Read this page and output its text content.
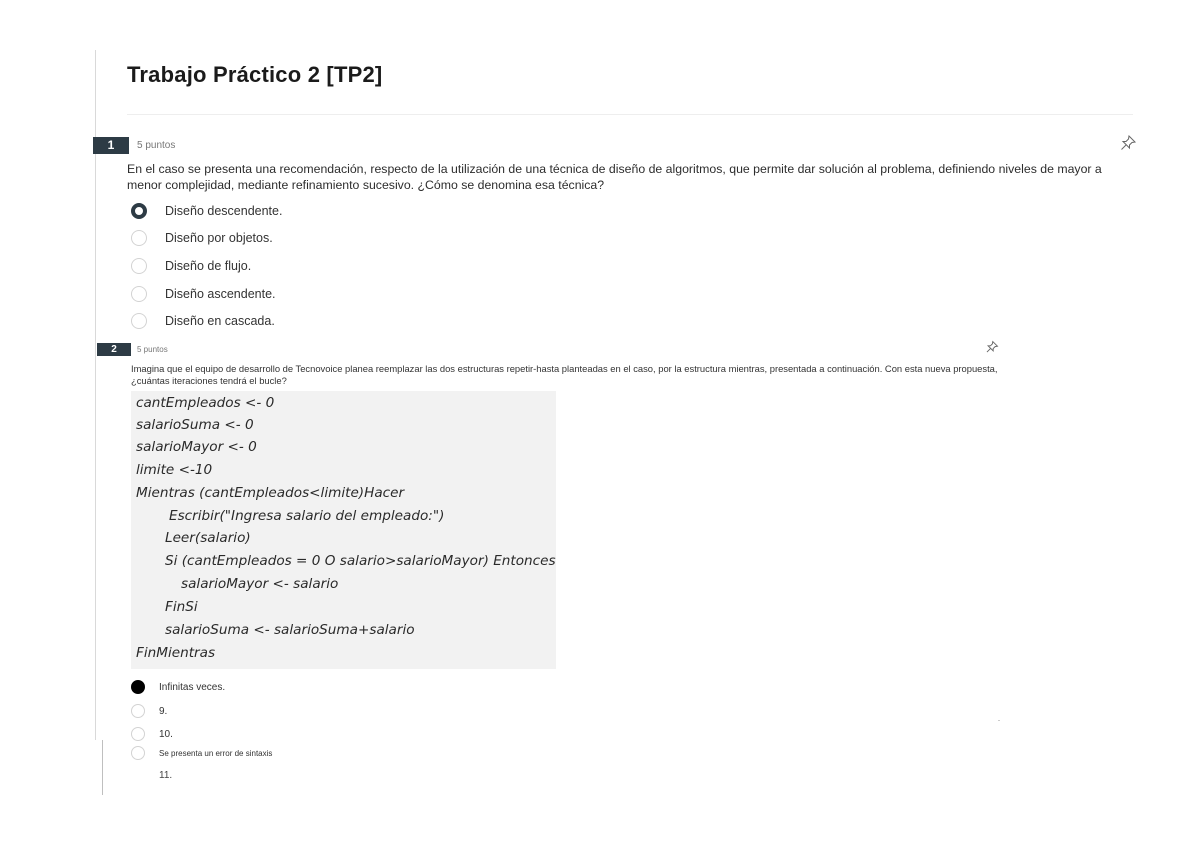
Trabajo Práctico 2 [TP2]
1	5 puntos
En el caso se presenta una recomendación, respecto de la utilización de una técnica de diseño de algoritmos, que permite dar solución al problema, definiendo niveles de mayor a menor complejidad, mediante refinamiento sucesivo. ¿Cómo se denomina esa técnica?
Diseño descendente.
Diseño por objetos.
Diseño de flujo.
Diseño ascendente.
Diseño en cascada.
2	5 puntos
Imagina que el equipo de desarrollo de Tecnovoice planea reemplazar las dos estructuras repetir-hasta planteadas en el caso, por la estructura mientras, presentada a continuación. Con esta nueva propuesta, ¿cuántas iteraciones tendrá el bucle?
cantEmpleados <- 0
salarioSuma <- 0
salarioMayor <- 0
limite <-10
Mientras (cantEmpleados<limite)Hacer
Escribir("Ingresa salario del empleado:")
Leer(salario)
Si (cantEmpleados = 0 O salario>salarioMayor) Entonces
salarioMayor <- salario
FinSi
salarioSuma <- salarioSuma+salario
FinMientras
Infinitas veces.
9.
10.
Se presenta un error de sintaxis
11.
